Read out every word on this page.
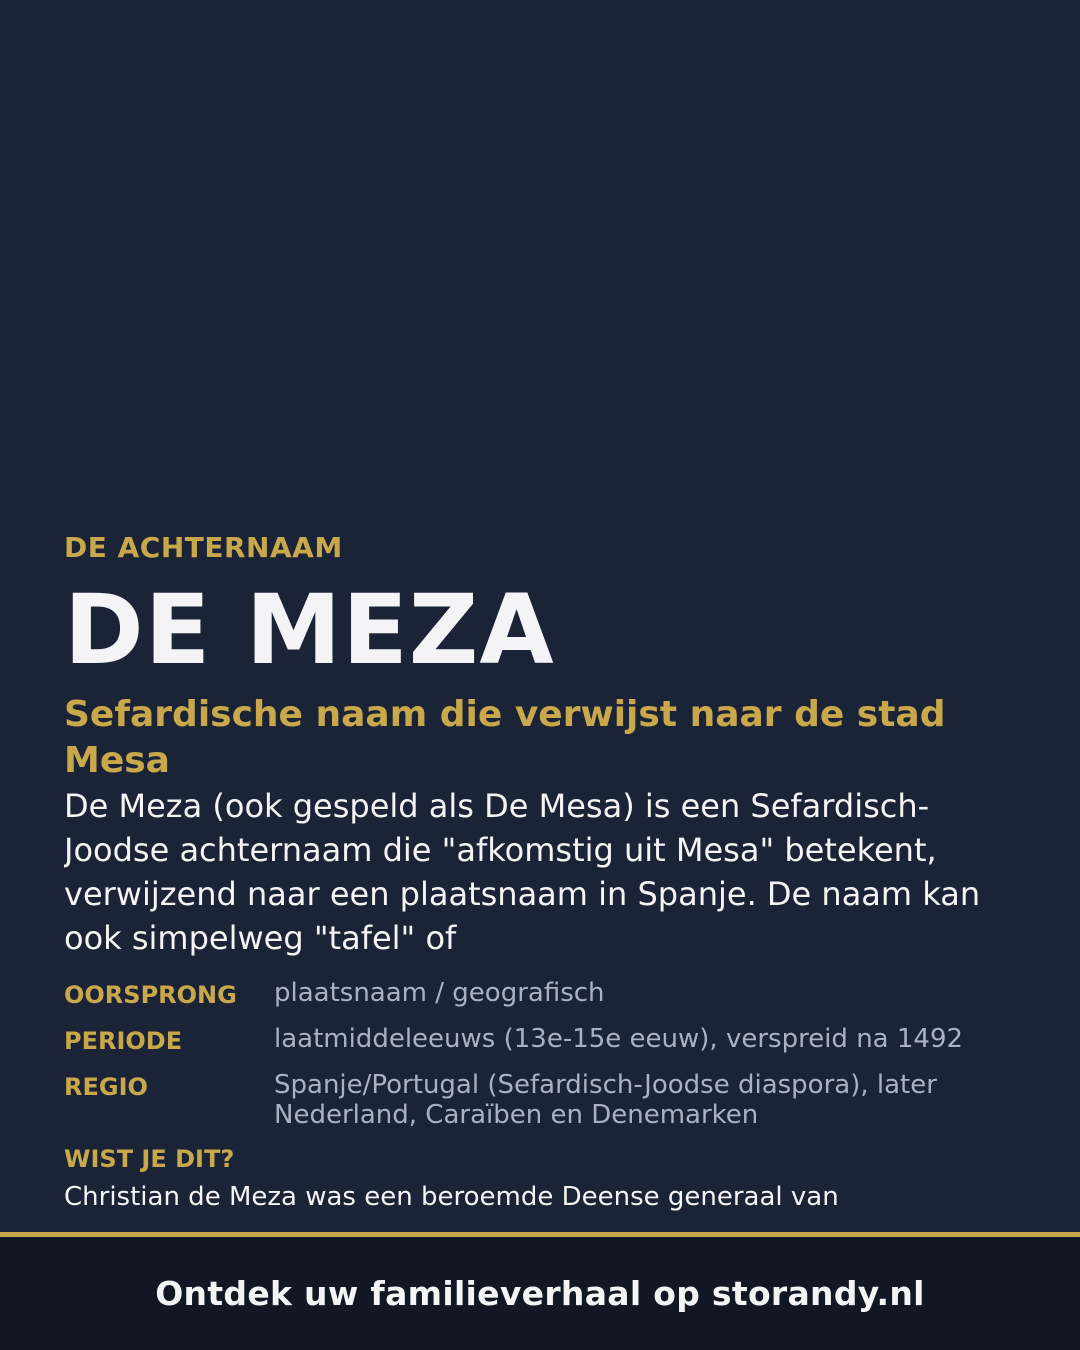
DE ACHTERNAAM
DE MEZA
Sefardische naam die verwijst naar de stad Mesa
De Meza (ook gespeld als De Mesa) is een Sefardisch-Joodse achternaam die "afkomstig uit Mesa" betekent, verwijzend naar een plaatsnaam in Spanje. De naam kan ook simpelweg "tafel" of
OORSPRONG	plaatsnaam / geografisch
PERIODE	laatmiddeleeuws (13e-15e eeuw), verspreid na 1492
REGIO	Spanje/Portugal (Sefardisch-Joodse diaspora), later Nederland, Caraïben en Denemarken
WIST JE DIT?
Christian de Meza was een beroemde Deense generaal van
Ontdek uw familieverhaal op storandy.nl
